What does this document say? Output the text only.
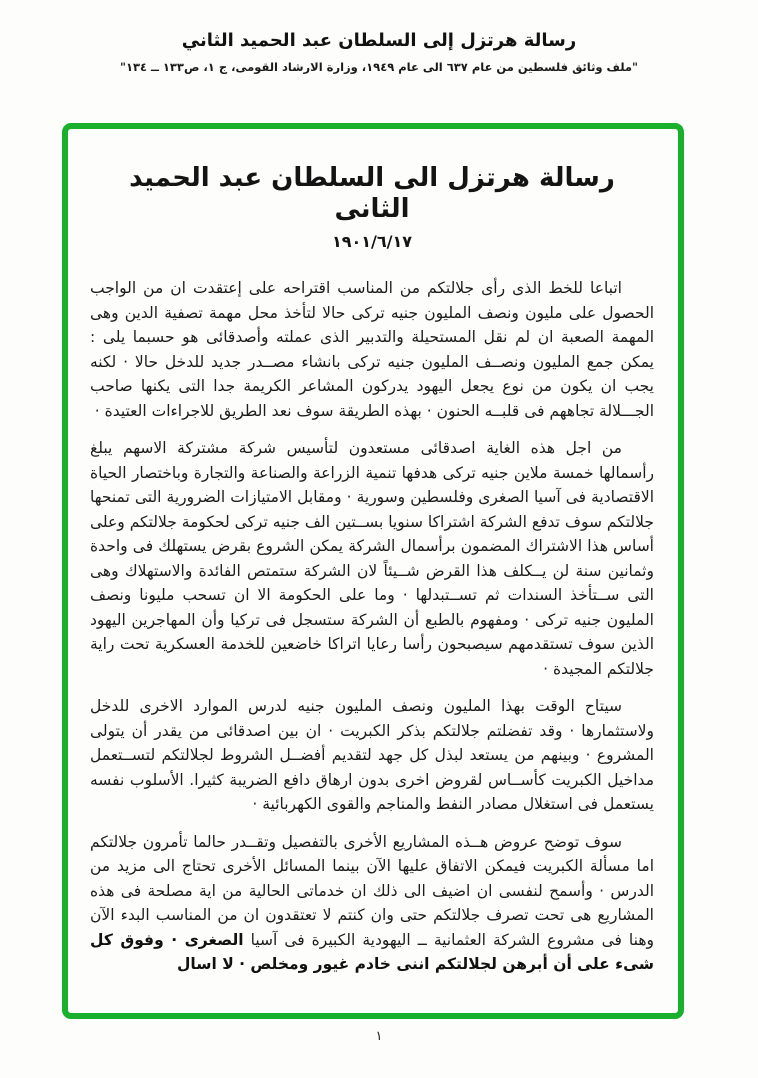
رسالة هرتزل إلى السلطان عبد الحميد الثاني
"ملف وثائق فلسطين من عام ٦٣٧ الى عام ١٩٤٩، وزارة الارشاد القومى، ج ١، ص١٣٣ ــ ١٣٤"
رسالة هرتزل الى السلطان عبد الحميد الثانى
١٩٠١/٦/١٧

اتباعا للخط الذى رأى جلالتكم من المناسب اقتراحه على إعتقدت ان من الواجب الحصول على مليون ونصف المليون جنيه تركى حالا لتأخذ محل مهمة تصفية الدين وهى المهمة الصعبة ان لم نقل المستحيلة والتدبير الذى عملته وأصدقائى هو حسبما يلى : يمكن جمع المليون ونصــف المليون جنيه تركى بانشاء مصــدر جديد للدخل حالا · لكنه يجب ان يكون من نوع يجعل اليهود يدركون المشاعر الكريمة جدا التى يكنها صاحب الجـــلالة تجاههم فى قلبــه الحنون · بهذه الطريقة سوف نعد الطريق للاجراءات العتيدة ·

من اجل هذه الغاية اصدقائى مستعدون لتأسيس شركة مشتركة الاسهم يبلغ رأسمالها خمسة ملاين جنيه تركى هدفها تنمية الزراعة والصناعة والتجارة وباختصار الحياة الاقتصادية فى آسيا الصغرى وفلسطين وسورية · ومقابل الامتيازات الضرورية التى تمنحها جلالتكم سوف تدفع الشركة اشتراكا سنويا بســتين الف جنيه تركى لحكومة جلالتكم وعلى أساس هذا الاشتراك المضمون برأسمال الشركة يمكن الشروع بقرض يستهلك فى واحدة وثمانين سنة لن يــكلف هذا القرض شــيئاً لان الشركة ستمتص الفائدة والاستهلاك وهى التى ســتأخذ السندات ثم تســتبدلها · وما على الحكومة الا ان تسحب مليونا ونصف المليون جنيه تركى · ومفهوم بالطبع أن الشركة ستسجل فى تركيا وأن المهاجرين اليهود الذين سوف تستقدمهم سيصبحون رأسا رعايا اتراكا خاضعين للخدمة العسكرية تحت راية جلالتكم المجيدة ·

سيتاح الوقت بهذا المليون ونصف المليون جنيه لدرس الموارد الاخرى للدخل ولاستثمارها · وقد تفضلتم جلالتكم بذكر الكبريت · ان بين اصدقائى من يقدر أن يتولى المشروع · وبينهم من يستعد لبذل كل جهد لتقديم أفضــل الشروط لجلالتكم لتســتعمل مداخيل الكبريت كأســاس لقروض اخرى بدون ارهاق دافع الضريبة كثيرا. الأسلوب نفسه يستعمل فى استغلال مصادر النفط والمناجم والقوى الكهربائية ·

سوف توضح عروض هــذه المشاريع الأخرى بالتفصيل وتقــدر حالما تأمرون جلالتكم اما مسألة الكبريت فيمكن الاتفاق عليها الآن بينما المسائل الأخرى تحتاج الى مزيد من الدرس · وأسمح لنفسى ان اضيف الى ذلك ان خدماتى الحالية من اية مصلحة فى هذه المشاريع هى تحت تصرف جلالتكم حتى وان كنتم لا تعتقدون ان من المناسب البدء الآن وهنا فى مشروع الشركة العثمانية ــ اليهودية الكبيرة فى آسيا الصغرى · وفوق كل شىء على أن أبرهن لجلالتكم اننى خادم غيور ومخلص · لا اسال

١
